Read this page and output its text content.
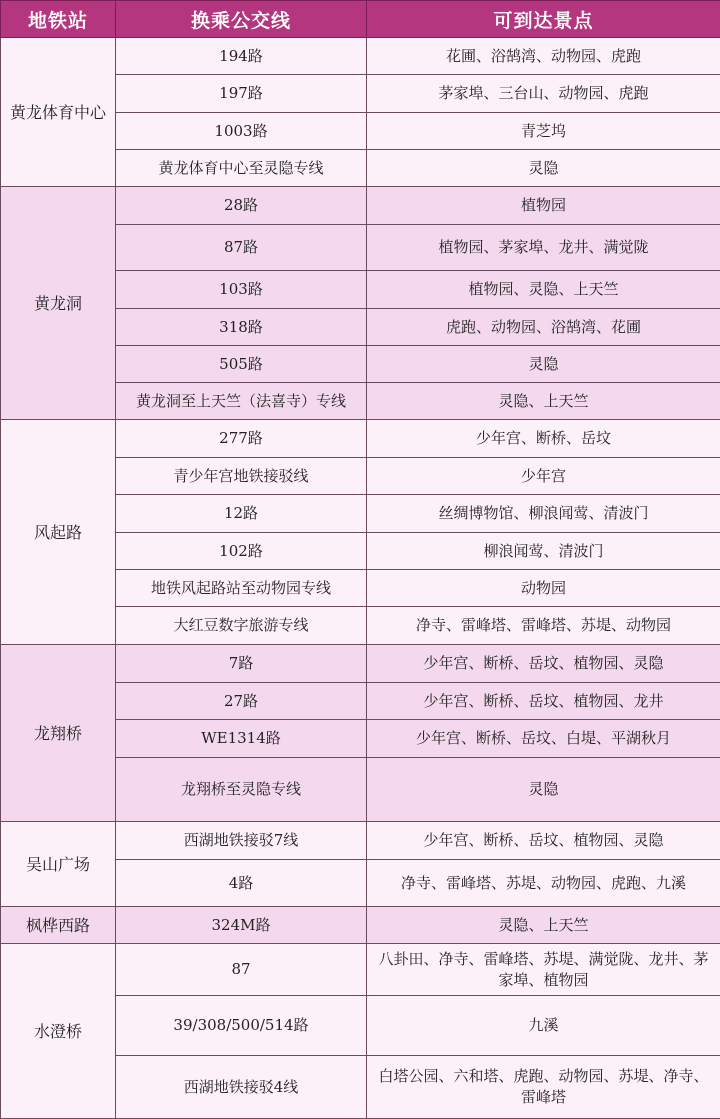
地铁站	换乘公交线	可到达景点
黄龙体育中心	194路	花圃、浴鹄湾、动物园、虎跑
	197路	茅家埠、三台山、动物园、虎跑
	1003路	青芝坞
	黄龙体育中心至灵隐专线	灵隐
黄龙洞	28路	植物园
	87路	植物园、茅家埠、龙井、满觉陇
	103路	植物园、灵隐、上天竺
	318路	虎跑、动物园、浴鹄湾、花圃
	505路	灵隐
	黄龙洞至上天竺（法喜寺）专线	灵隐、上天竺
风起路	277路	少年宫、断桥、岳坟
	青少年宫地铁接驳线	少年宫
	12路	丝绸博物馆、柳浪闻莺、清波门
	102路	柳浪闻莺、清波门
	地铁风起路站至动物园专线	动物园
	大红豆数字旅游专线	净寺、雷峰塔、雷峰塔、苏堤、动物园
龙翔桥	7路	少年宫、断桥、岳坟、植物园、灵隐
	27路	少年宫、断桥、岳坟、植物园、龙井
	WE1314路	少年宫、断桥、岳坟、白堤、平湖秋月
	龙翔桥至灵隐专线	灵隐
吴山广场	西湖地铁接驳7线	少年宫、断桥、岳坟、植物园、灵隐
	4路	净寺、雷峰塔、苏堤、动物园、虎跑、九溪
枫桦西路	324M路	灵隐、上天竺
水澄桥	87	八卦田、净寺、雷峰塔、苏堤、满觉陇、龙井、茅家埠、植物园
	39/308/500/514路	九溪
	西湖地铁接驳4线	白塔公园、六和塔、虎跑、动物园、苏堤、净寺、雷峰塔
